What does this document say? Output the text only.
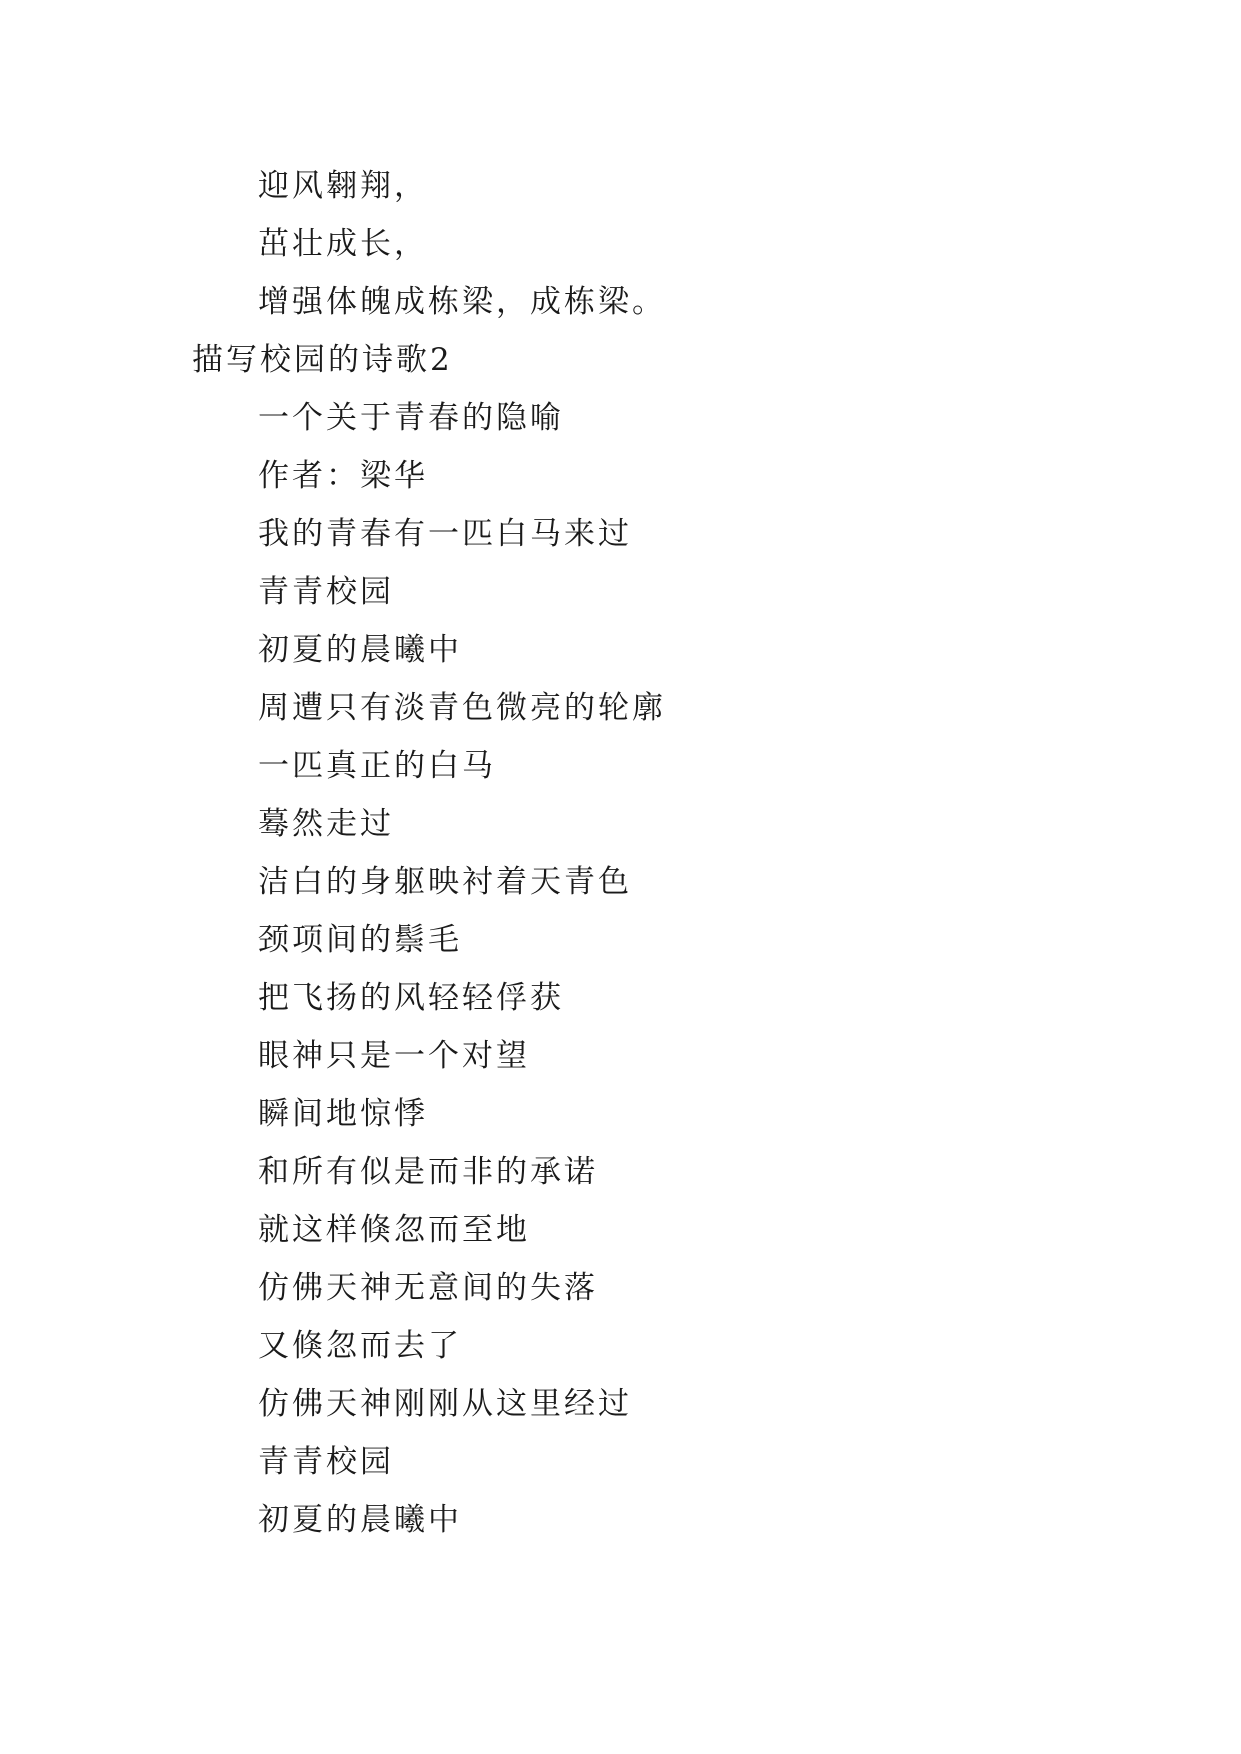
迎风翱翔，
茁壮成长，
增强体魄成栋梁，成栋梁。
描写校园的诗歌2
一个关于青春的隐喻
作者：梁华
我的青春有一匹白马来过
青青校园
初夏的晨曦中
周遭只有淡青色微亮的轮廓
一匹真正的白马
蓦然走过
洁白的身躯映衬着天青色
颈项间的鬃毛
把飞扬的风轻轻俘获
眼神只是一个对望
瞬间地惊悸
和所有似是而非的承诺
就这样倏忽而至地
仿佛天神无意间的失落
又倏忽而去了
仿佛天神刚刚从这里经过
青青校园
初夏的晨曦中
